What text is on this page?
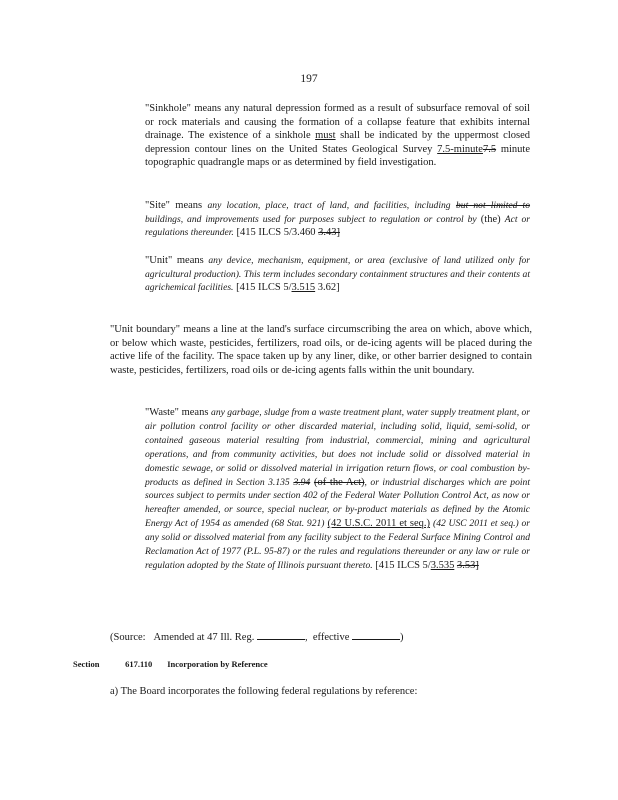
197

"Sinkhole" means any natural depression formed as a result of subsurface removal of soil or rock materials and causing the formation of a collapse feature that exhibits internal drainage. The existence of a sinkhole must shall be indicated by the uppermost closed depression contour lines on the United States Geological Survey 7.5-minute7.5 minute topographic quadrangle maps or as determined by field investigation.

"Site" means any location, place, tract of land, and facilities, including but not limited to buildings, and improvements used for purposes subject to regulation or control by (the) Act or regulations thereunder. [415 ILCS 5/3.460 3.43]

"Unit" means any device, mechanism, equipment, or area (exclusive of land utilized only for agricultural production). This term includes secondary containment structures and their contents at agrichemical facilities. [415 ILCS 5/3.515 3.62]

"Unit boundary" means a line at the land's surface circumscribing the area on which, above which, or below which waste, pesticides, fertilizers, road oils, or de-icing agents will be placed during the active life of the facility. The space taken up by any liner, dike, or other barrier designed to contain waste, pesticides, fertilizers, road oils or de-icing agents falls within the unit boundary.

"Waste" means any garbage, sludge from a waste treatment plant, water supply treatment plant, or air pollution control facility or other discarded material, including solid, liquid, semi-solid, or contained gaseous material resulting from industrial, commercial, mining and agricultural operations, and from community activities, but does not include solid or dissolved material in domestic sewage, or solid or dissolved material in irrigation return flows, or coal combustion by-products as defined in Section 3.135 3.94 (of the Act), or industrial discharges which are point sources subject to permits under section 402 of the Federal Water Pollution Control Act, as now or hereafter amended, or source, special nuclear, or by-product materials as defined by the Atomic Energy Act of 1954 as amended (68 Stat. 921) (42 U.S.C. 2011 et seq.) (42 USC 2011 et seq.) or any solid or dissolved material from any facility subject to the Federal Surface Mining Control and Reclamation Act of 1977 (P.L. 95-87) or the rules and regulations thereunder or any law or rule or regulation adopted by the State of Illinois pursuant thereto. [415 ILCS 5/3.535 3.53]

(Source: Amended at 47 Ill. Reg.	,  effective	)
Section	617.110 Incorporation by Reference
a) The Board incorporates the following federal regulations by reference:
